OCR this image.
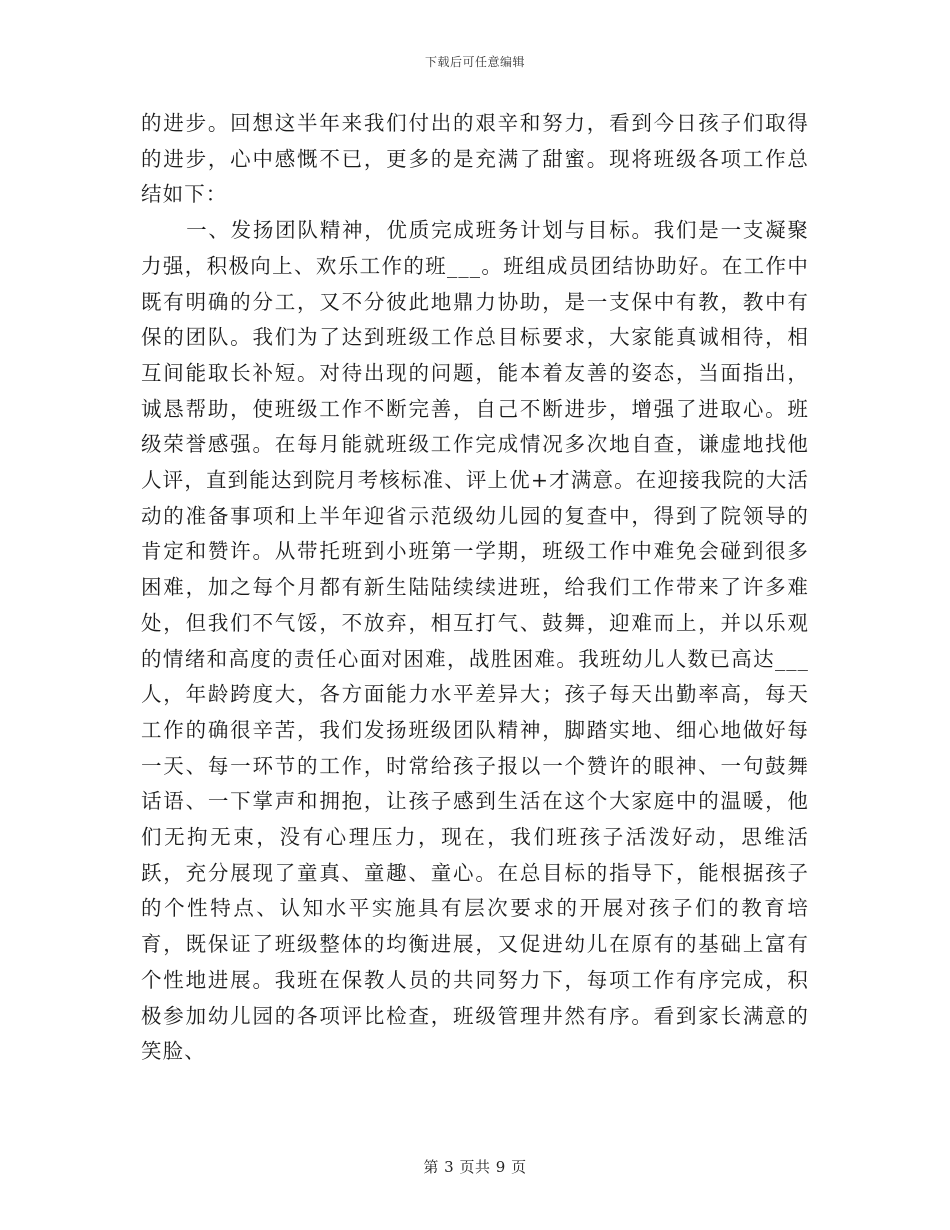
下载后可任意编辑

的进步。回想这半年来我们付出的艰辛和努力，看到今日孩子们取得的进步，心中感慨不已，更多的是充满了甜蜜。现将班级各项工作总结如下：

一、发扬团队精神，优质完成班务计划与目标。我们是一支凝聚力强，积极向上、欢乐工作的班___。班组成员团结协助好。在工作中既有明确的分工，又不分彼此地鼎力协助，是一支保中有教，教中有保的团队。我们为了达到班级工作总目标要求，大家能真诚相待，相互间能取长补短。对待出现的问题，能本着友善的姿态，当面指出，诚恳帮助，使班级工作不断完善，自己不断进步，增强了进取心。班级荣誉感强。在每月能就班级工作完成情况多次地自查，谦虚地找他人评，直到能达到院月考核标准、评上优+才满意。在迎接我院的大活动的准备事项和上半年迎省示范级幼儿园的复查中，得到了院领导的肯定和赞许。从带托班到小班第一学期，班级工作中难免会碰到很多困难，加之每个月都有新生陆陆续续进班，给我们工作带来了许多难处，但我们不气馁，不放弃，相互打气、鼓舞，迎难而上，并以乐观的情绪和高度的责任心面对困难，战胜困难。我班幼儿人数已高达___人，年龄跨度大，各方面能力水平差异大；孩子每天出勤率高，每天工作的确很辛苦，我们发扬班级团队精神，脚踏实地、细心地做好每一天、每一环节的工作，时常给孩子报以一个赞许的眼神、一句鼓舞话语、一下掌声和拥抱，让孩子感到生活在这个大家庭中的温暖，他们无拘无束，没有心理压力，现在，我们班孩子活泼好动，思维活跃，充分展现了童真、童趣、童心。在总目标的指导下，能根据孩子的个性特点、认知水平实施具有层次要求的开展对孩子们的教育培育，既保证了班级整体的均衡进展，又促进幼儿在原有的基础上富有个性地进展。我班在保教人员的共同努力下，每项工作有序完成，积极参加幼儿园的各项评比检查，班级管理井然有序。看到家长满意的笑脸、

第 3 页共 9 页
